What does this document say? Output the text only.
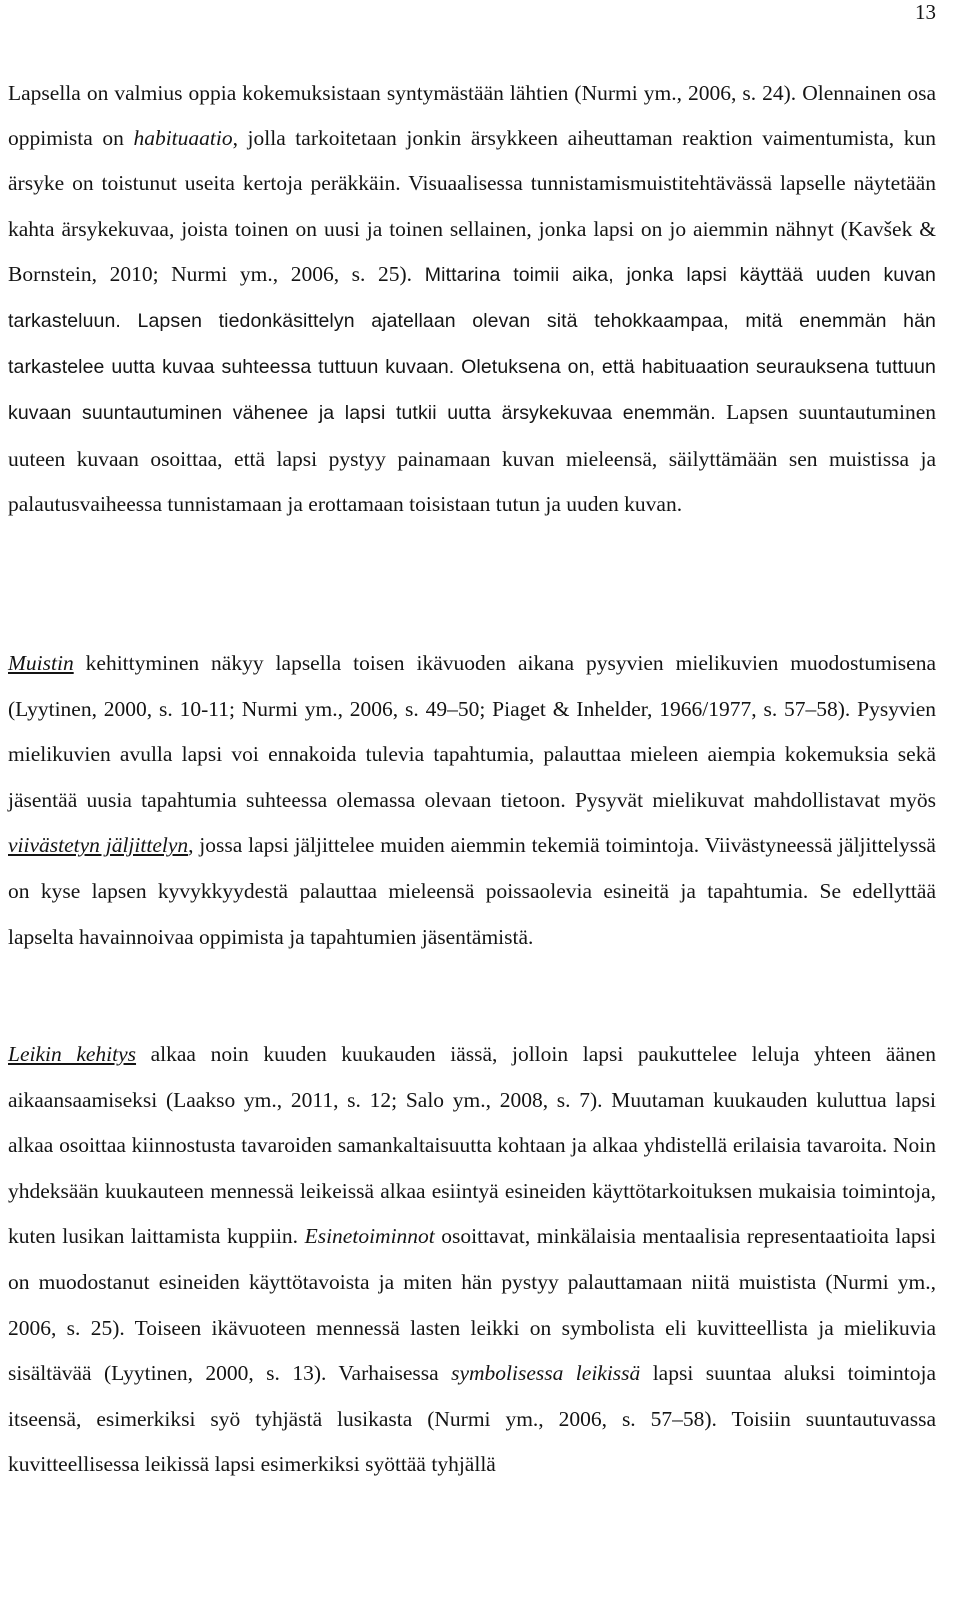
13

Lapsella on valmius oppia kokemuksistaan syntymästään lähtien (Nurmi ym., 2006, s. 24). Olennainen osa oppimista on habituaatio, jolla tarkoitetaan jonkin ärsykkeen aiheuttaman reaktion vaimentumista, kun ärsyke on toistunut useita kertoja peräkkäin. Visuaalisessa tunnistamismuistitehtävässä lapselle näytetään kahta ärsykekuvaa, joista toinen on uusi ja toinen sellainen, jonka lapsi on jo aiemmin nähnyt (Kavšek & Bornstein, 2010; Nurmi ym., 2006, s. 25). Mittarina toimii aika, jonka lapsi käyttää uuden kuvan tarkasteluun. Lapsen tiedonkäsittelyn ajatellaan olevan sitä tehokkaampaa, mitä enemmän hän tarkastelee uutta kuvaa suhteessa tuttuun kuvaan. Oletuksena on, että habituaation seurauksena tuttuun kuvaan suuntautuminen vähenee ja lapsi tutkii uutta ärsykekuvaa enemmän. Lapsen suuntautuminen uuteen kuvaan osoittaa, että lapsi pystyy painamaan kuvan mieleensä, säilyttämään sen muistissa ja palautusvaiheessa tunnistamaan ja erottamaan toisistaan tutun ja uuden kuvan.

Muistin kehittyminen näkyy lapsella toisen ikävuoden aikana pysyvien mielikuvien muodostumisena (Lyytinen, 2000, s. 10-11; Nurmi ym., 2006, s. 49–50; Piaget & Inhelder, 1966/1977, s. 57–58). Pysyvien mielikuvien avulla lapsi voi ennakoida tulevia tapahtumia, palauttaa mieleen aiempia kokemuksia sekä jäsentää uusia tapahtumia suhteessa olemassa olevaan tietoon. Pysyvät mielikuvat mahdollistavat myös viivästetyn jäljittelyn, jossa lapsi jäljittelee muiden aiemmin tekemiä toimintoja. Viivästyneessä jäljittelyssä on kyse lapsen kyvykkyydestä palauttaa mieleensä poissaolevia esineitä ja tapahtumia. Se edellyttää lapselta havainnoivaa oppimista ja tapahtumien jäsentämistä.

Leikin kehitys alkaa noin kuuden kuukauden iässä, jolloin lapsi paukuttelee leluja yhteen äänen aikaansaamiseksi (Laakso ym., 2011, s. 12; Salo ym., 2008, s. 7). Muutaman kuukauden kuluttua lapsi alkaa osoittaa kiinnostusta tavaroiden samankaltaisuutta kohtaan ja alkaa yhdistellä erilaisia tavaroita. Noin yhdeksään kuukauteen mennessä leikeissä alkaa esiintyä esineiden käyttötarkoituksen mukaisia toimintoja, kuten lusikan laittamista kuppiin. Esinetoiminnot osoittavat, minkälaisia mentaalisia representaatioita lapsi on muodostanut esineiden käyttötavoista ja miten hän pystyy palauttamaan niitä muistista (Nurmi ym., 2006, s. 25). Toiseen ikävuoteen mennessä lasten leikki on symbolista eli kuvitteellista ja mielikuvia sisältävää (Lyytinen, 2000, s. 13). Varhaisessa symbolisessa leikissä lapsi suuntaa aluksi toimintoja itseensä, esimerkiksi syö tyhjästä lusikasta (Nurmi ym., 2006, s. 57–58). Toisiin suuntautuvassa kuvitteellisessa leikissä lapsi esimerkiksi syöttää tyhjällä
